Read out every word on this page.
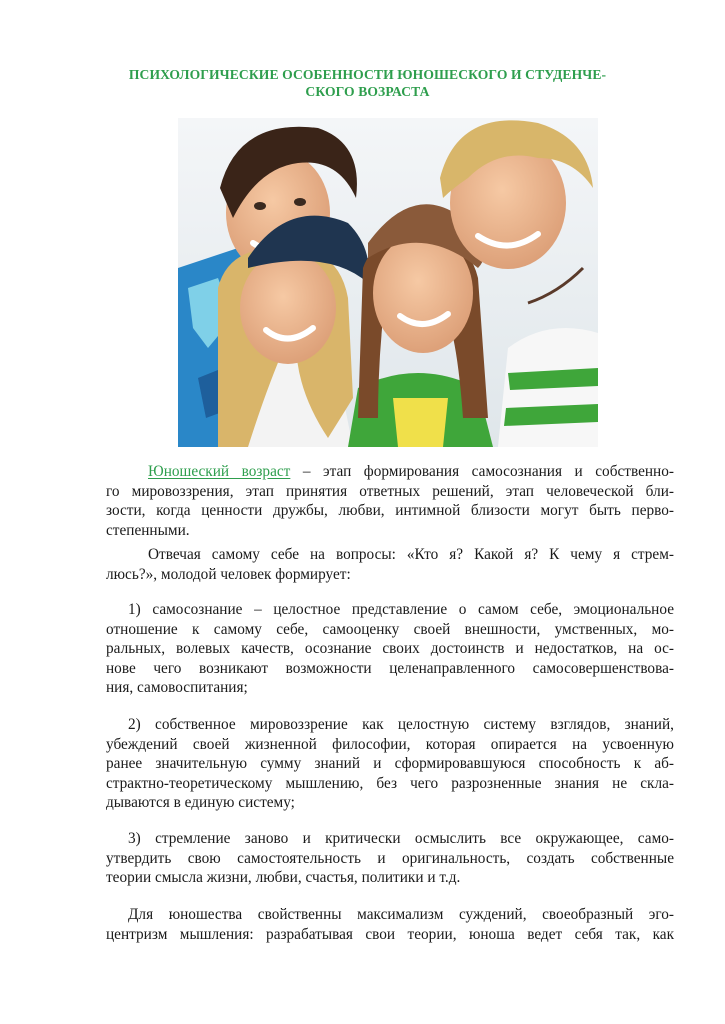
ПСИХОЛОГИЧЕСКИЕ ОСОБЕННОСТИ ЮНОШЕСКОГО И СТУДЕНЧЕ-
СКОГО ВОЗРАСТА
Юношеский возраст – этап формирования самосознания и собственно-
го мировоззрения, этап принятия ответных решений, этап человеческой бли-
зости, когда ценности дружбы, любви, интимной близости могут быть перво-
степенными.
Отвечая самому себе на вопросы: «Кто я? Какой я? К чему я стрем-
люсь?», молодой человек формирует:
1) самосознание – целостное представление о самом себе, эмоциональное
отношение к самому себе, самооценку своей внешности, умственных, мо-
ральных, волевых качеств, осознание своих достоинств и недостатков, на ос-
нове чего возникают возможности целенаправленного самосовершенствова-
ния, самовоспитания;
2) собственное мировоззрение как целостную систему взглядов, знаний,
убеждений своей жизненной философии, которая опирается на усвоенную
ранее значительную сумму знаний и сформировавшуюся способность к аб-
страктно-теоретическому мышлению, без чего разрозненные знания не скла-
дываются в единую систему;
3) стремление заново и критически осмыслить все окружающее, само-
утвердить свою самостоятельность и оригинальность, создать собственные
теории смысла жизни, любви, счастья, политики и т.д.
Для юношества свойственны максимализм суждений, своеобразный эго-
центризм мышления: разрабатывая свои теории, юноша ведет себя так, как
